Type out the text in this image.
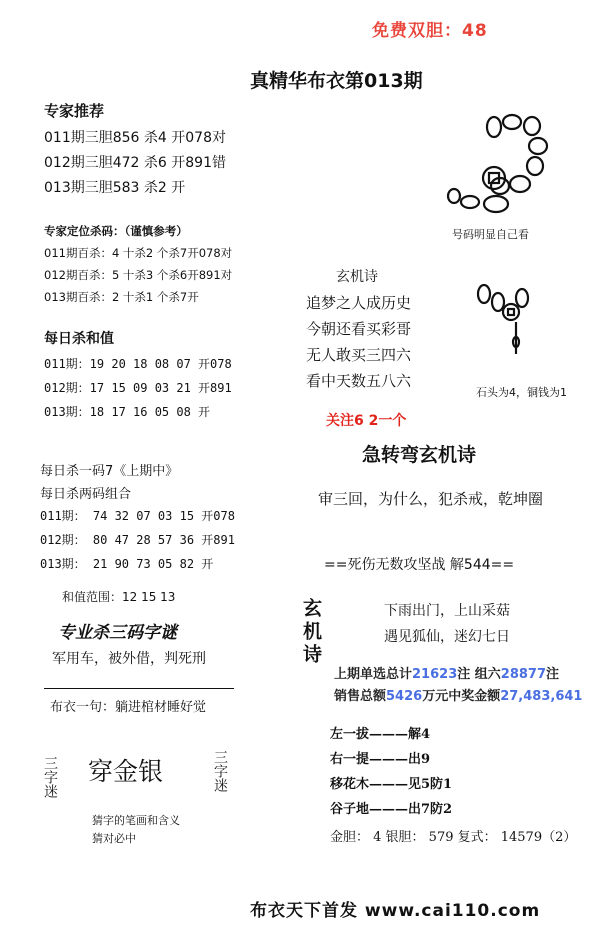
免费双胆：48
真精华布衣第013期
专家推荐
011期三胆856 杀4 开078对
012期三胆472 杀6 开891错
013期三胆583 杀2 开
专家定位杀码：（谨慎参考）
011期百杀：4 十杀2 个杀7开078对
012期百杀：5 十杀3 个杀6开891对
013期百杀：2 十杀1 个杀7开
每日杀和值
011期：19 20 18 08 07 开078
012期：17 15 09 03 21 开891
013期：18 17 16 05 08 开
每日杀一码7《上期中》
每日杀两码组合
011期： 74 32 07 03 15 开078
012期： 80 47 28 57 36 开891
013期： 21 90 73 05 82 开
和值范围：12 15 13
专业杀三码字谜
军用车，被外借，判死刑
布衣一句：躺进棺材睡好觉
三字迷 穿金银	三字迷
猜字的笔画和含义
猜对必中
号码明显自己看
玄机诗
追梦之人成历史
今朝还看买彩哥
无人敢买三四六
看中天数五八六
石头为4，铜钱为1
关注6 2一个
急转弯玄机诗
审三回，为什么，犯杀戒，乾坤圈
==死伤无数攻坚战 解544==
玄机诗	下雨出门，上山采菇
遇见狐仙，迷幻七日
上期单选总计21623注 组六28877注
销售总额5426万元中奖金额27,483,641
左一拔———解4
右一提———出9
移花木———见5防1
谷子地———出7防2
金胆： 4 银胆： 579 复式： 14579（2）
布衣天下首发 www.cai110.com
